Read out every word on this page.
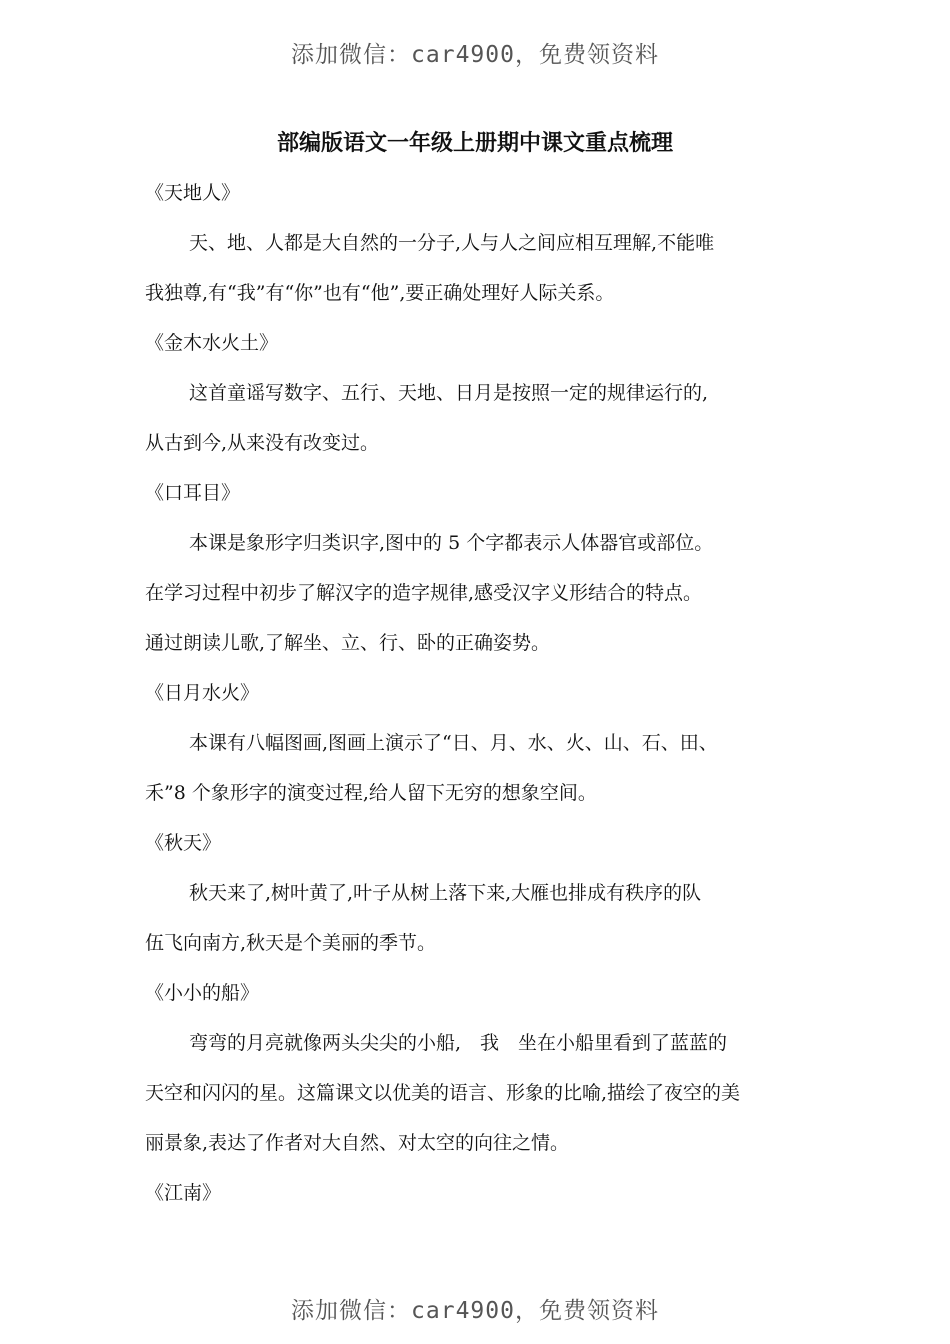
添加微信：car4900，免费领资料
部编版语文一年级上册期中课文重点梳理
《天地人》
天、地、人都是大自然的一分子,人与人之间应相互理解,不能唯
我独尊,有“我”有“你”也有“他”,要正确处理好人际关系。
《金木水火土》
这首童谣写数字、五行、天地、日月是按照一定的规律运行的,
从古到今,从来没有改变过。
《口耳目》
本课是象形字归类识字,图中的 5 个字都表示人体器官或部位。
在学习过程中初步了解汉字的造字规律,感受汉字义形结合的特点。
通过朗读儿歌,了解坐、立、行、卧的正确姿势。
《日月水火》
本课有八幅图画,图画上演示了“日、月、水、火、山、石、田、
禾”8 个象形字的演变过程,给人留下无穷的想象空间。
《秋天》
秋天来了,树叶黄了,叶子从树上落下来,大雁也排成有秩序的队
伍飞向南方,秋天是个美丽的季节。
《小小的船》
弯弯的月亮就像两头尖尖的小船,　我　坐在小船里看到了蓝蓝的
天空和闪闪的星。这篇课文以优美的语言、形象的比喻,描绘了夜空的美
丽景象,表达了作者对大自然、对太空的向往之情。
《江南》
添加微信：car4900，免费领资料
